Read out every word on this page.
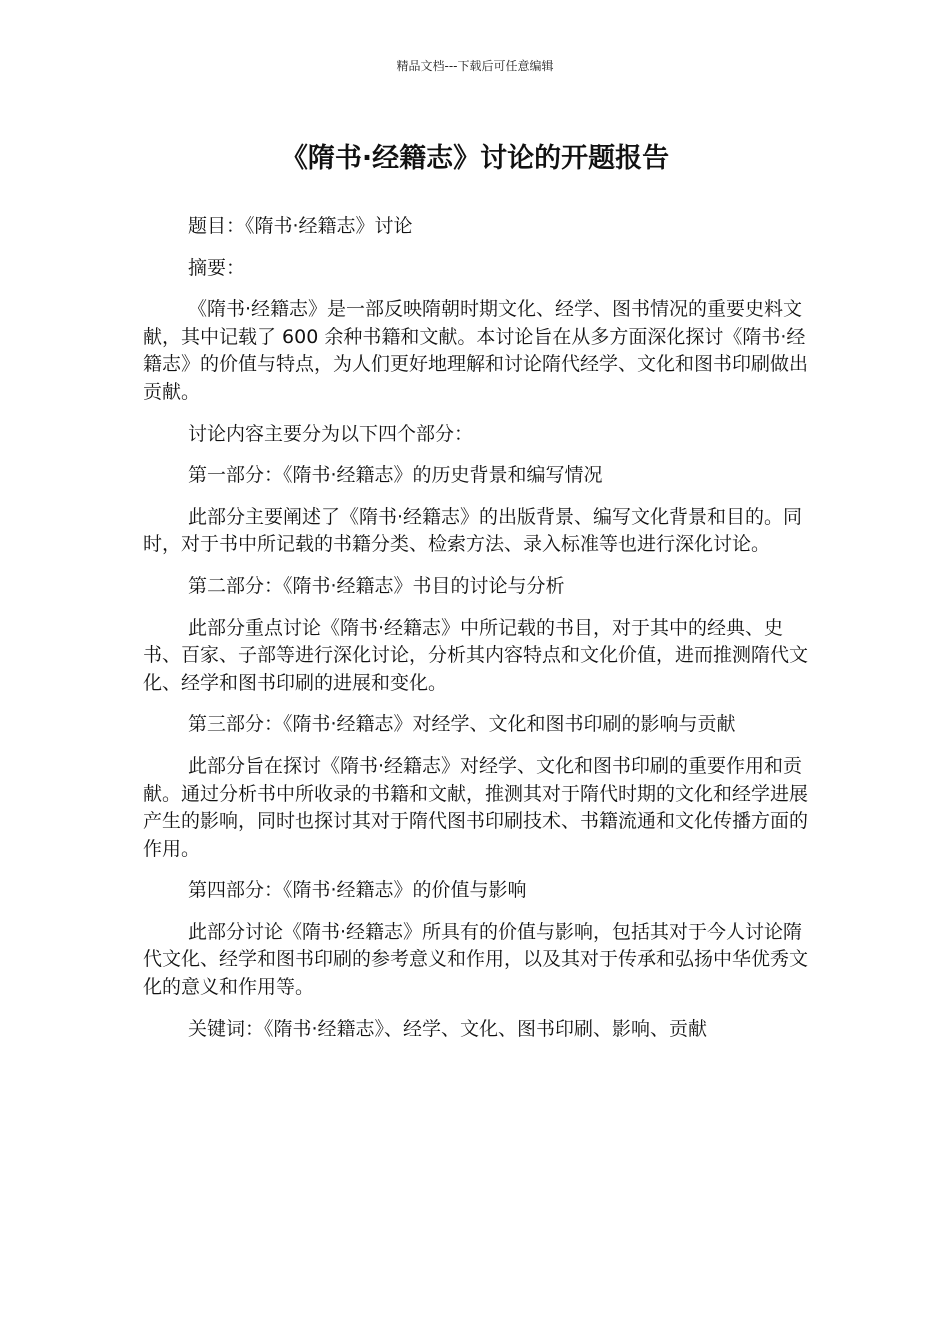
精品文档---下载后可任意编辑
《隋书·经籍志》讨论的开题报告

题目：《隋书·经籍志》讨论

摘要：

《隋书·经籍志》是一部反映隋朝时期文化、经学、图书情况的重要史料文献，其中记载了 600 余种书籍和文献。本讨论旨在从多方面深化探讨《隋书·经籍志》的价值与特点，为人们更好地理解和讨论隋代经学、文化和图书印刷做出贡献。

讨论内容主要分为以下四个部分：

第一部分：《隋书·经籍志》的历史背景和编写情况

此部分主要阐述了《隋书·经籍志》的出版背景、编写文化背景和目的。同时，对于书中所记载的书籍分类、检索方法、录入标准等也进行深化讨论。

第二部分：《隋书·经籍志》书目的讨论与分析

此部分重点讨论《隋书·经籍志》中所记载的书目，对于其中的经典、史书、百家、子部等进行深化讨论，分析其内容特点和文化价值，进而推测隋代文化、经学和图书印刷的进展和变化。

第三部分：《隋书·经籍志》对经学、文化和图书印刷的影响与贡献

此部分旨在探讨《隋书·经籍志》对经学、文化和图书印刷的重要作用和贡献。通过分析书中所收录的书籍和文献，推测其对于隋代时期的文化和经学进展产生的影响，同时也探讨其对于隋代图书印刷技术、书籍流通和文化传播方面的作用。

第四部分：《隋书·经籍志》的价值与影响

此部分讨论《隋书·经籍志》所具有的价值与影响，包括其对于今人讨论隋代文化、经学和图书印刷的参考意义和作用，以及其对于传承和弘扬中华优秀文化的意义和作用等。

关键词：《隋书·经籍志》、经学、文化、图书印刷、影响、贡献
